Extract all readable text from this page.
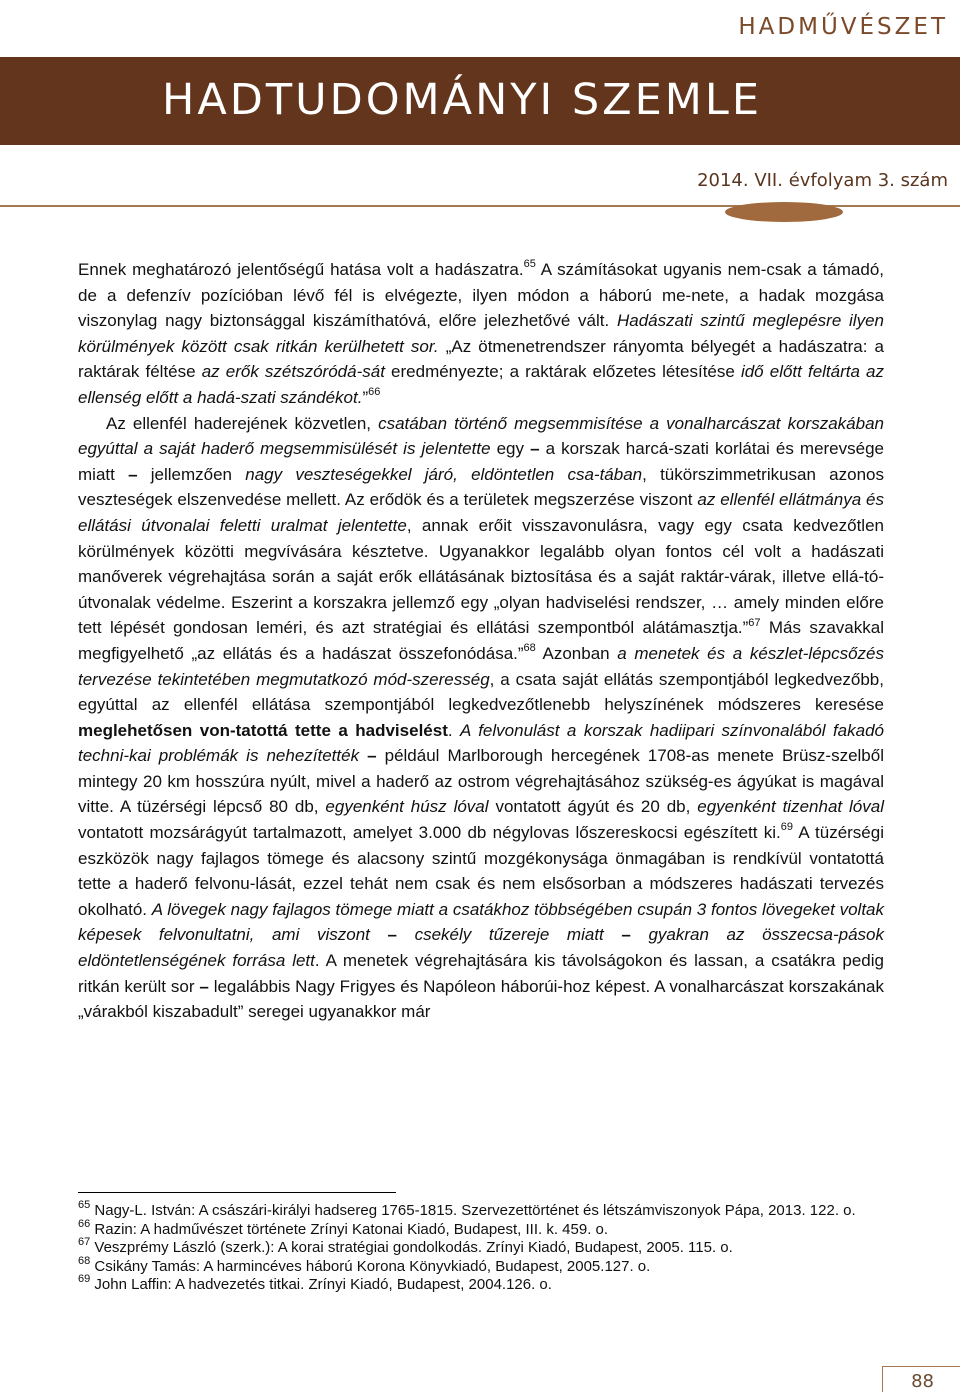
HADMŰVÉSZET
HADTUDOMÁNYI SZEMLE
2014. VII. évfolyam 3. szám

Ennek meghatározó jelentőségű hatása volt a hadászatra.$^{65}$ A számításokat ugyanis nem-csak a támadó, de a defenzív pozícióban lévő fél is elvégezte, ilyen módon a háború me-nete, a hadak mozgása viszonylag nagy biztonsággal kiszámíthatóvá, előre jelezhetővé vált. Hadászati szintű meglepésre ilyen körülmények között csak ritkán kerülhetett sor. „Az ötmenetrendszer rányomta bélyegét a hadászatra: a raktárak féltése az erők szétszóródá-sát eredményezte; a raktárak előzetes létesítése idő előtt feltárta az ellenség előtt a hadá-szati szándékot.”$^{66}$

Az ellenfél haderejének közvetlen, csatában történő megsemmisítése a vonalharcászat korszakában egyúttal a saját haderő megsemmisülését is jelentette egy – a korszak harcá-szati korlátai és merevsége miatt – jellemzően nagy veszteségekkel járó, eldöntetlen csa-tában, tükörszimmetrikusan azonos veszteségek elszenvedése mellett. Az erődök és a területek megszerzése viszont az ellenfél ellátmánya és ellátási útvonalai feletti uralmat jelentette, annak erőit visszavonulásra, vagy egy csata kedvezőtlen körülmények közötti megvívására késztetve. Ugyanakkor legalább olyan fontos cél volt a hadászati manőverek végrehajtása során a saját erők ellátásának biztosítása és a saját raktár-várak, illetve ellá-tó-útvonalak védelme. Eszerint a korszakra jellemző egy „olyan hadviselési rendszer, … amely minden előre tett lépését gondosan leméri, és azt stratégiai és ellátási szempontból alátámasztja.”$^{67}$ Más szavakkal megfigyelhető „az ellátás és a hadászat összefonódása.”$^{68}$ Azonban a menetek és a készlet-lépcsőzés tervezése tekintetében megmutatkozó mód-szeresség, a csata saját ellátás szempontjából legkedvezőbb, egyúttal az ellenfél ellátása szempontjából legkedvezőtlenebb helyszínének módszeres keresése meglehetősen von-tatottá tette a hadviselést. A felvonulást a korszak hadiipari színvonalából fakadó techni-kai problémák is nehezítették – például Marlborough hercegének 1708-as menete Brüsz-szelből mintegy 20 km hosszúra nyúlt, mivel a haderő az ostrom végrehajtásához szükség-es ágyúkat is magával vitte. A tüzérségi lépcső 80 db, egyenként húsz lóval vontatott ágyút és 20 db, egyenként tizenhat lóval vontatott mozsárágyút tartalmazott, amelyet 3.000 db négylovas lőszereskocsi egészített ki.$^{69}$ A tüzérségi eszközök nagy fajlagos tömege és alacsony szintű mozgékonysága önmagában is rendkívül vontatottá tette a haderő felvonu-lását, ezzel tehát nem csak és nem elsősorban a módszeres hadászati tervezés okolható. A lövegek nagy fajlagos tömege miatt a csatákhoz többségében csupán 3 fontos lövegeket voltak képesek felvonultatni, ami viszont – csekély tűzereje miatt – gyakran az összecsa-pások eldöntetlenségének forrása lett. A menetek végrehajtására kis távolságokon és lassan, a csatákra pedig ritkán került sor – legalábbis Nagy Frigyes és Napóleon háborúi-hoz képest. A vonalharcászat korszakának „várakból kiszabadult” seregei ugyanakkor már

$^{65}$ Nagy-L. István: A császári-királyi hadsereg 1765-1815. Szervezettörténet és létszámviszonyok Pápa, 2013. 122. o.

$^{66}$ Razin: A hadművészet története Zrínyi Katonai Kiadó, Budapest, III. k. 459. o.

$^{67}$ Veszprémy László (szerk.): A korai stratégiai gondolkodás. Zrínyi Kiadó, Budapest, 2005. 115. o.

$^{68}$ Csikány Tamás: A harmincéves háború Korona Könyvkiadó, Budapest, 2005.127. o.

$^{69}$ John Laffin: A hadvezetés titkai. Zrínyi Kiadó, Budapest, 2004.126. o.

88
